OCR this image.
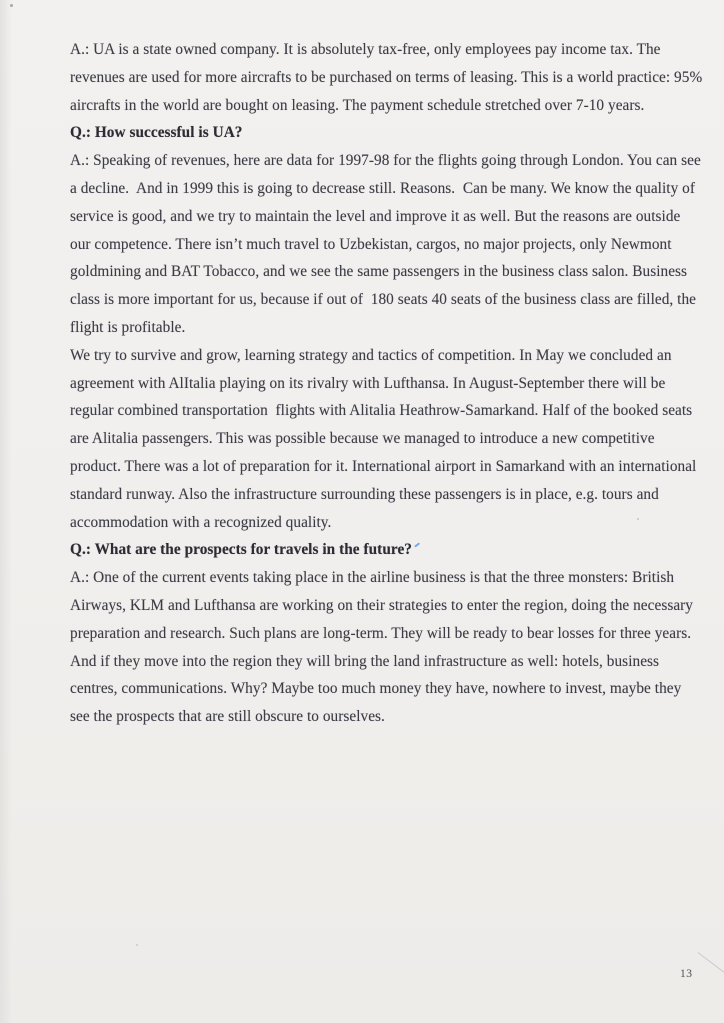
A.: UA is a state owned company. It is absolutely tax-free, only employees pay income tax. The
revenues are used for more aircrafts to be purchased on terms of leasing. This is a world practice: 95%
aircrafts in the world are bought on leasing. The payment schedule stretched over 7-10 years.
Q.: How successful is UA?
A.: Speaking of revenues, here are data for 1997-98 for the flights going through London. You can see
a decline.  And in 1999 this is going to decrease still. Reasons.  Can be many. We know the quality of
service is good, and we try to maintain the level and improve it as well. But the reasons are outside
our competence. There isn’t much travel to Uzbekistan, cargos, no major projects, only Newmont
goldmining and BAT Tobacco, and we see the same passengers in the business class salon. Business
class is more important for us, because if out of  180 seats 40 seats of the business class are filled, the
flight is profitable.
We try to survive and grow, learning strategy and tactics of competition. In May we concluded an
agreement with AlItalia playing on its rivalry with Lufthansa. In August-September there will be
regular combined transportation  flights with Alitalia Heathrow-Samarkand. Half of the booked seats
are Alitalia passengers. This was possible because we managed to introduce a new competitive
product. There was a lot of preparation for it. International airport in Samarkand with an international
standard runway. Also the infrastructure surrounding these passengers is in place, e.g. tours and
accommodation with a recognized quality.
Q.: What are the prospects for travels in the future?
A.: One of the current events taking place in the airline business is that the three monsters: British
Airways, KLM and Lufthansa are working on their strategies to enter the region, doing the necessary
preparation and research. Such plans are long-term. They will be ready to bear losses for three years.
And if they move into the region they will bring the land infrastructure as well: hotels, business
centres, communications. Why? Maybe too much money they have, nowhere to invest, maybe they
see the prospects that are still obscure to ourselves.
13
